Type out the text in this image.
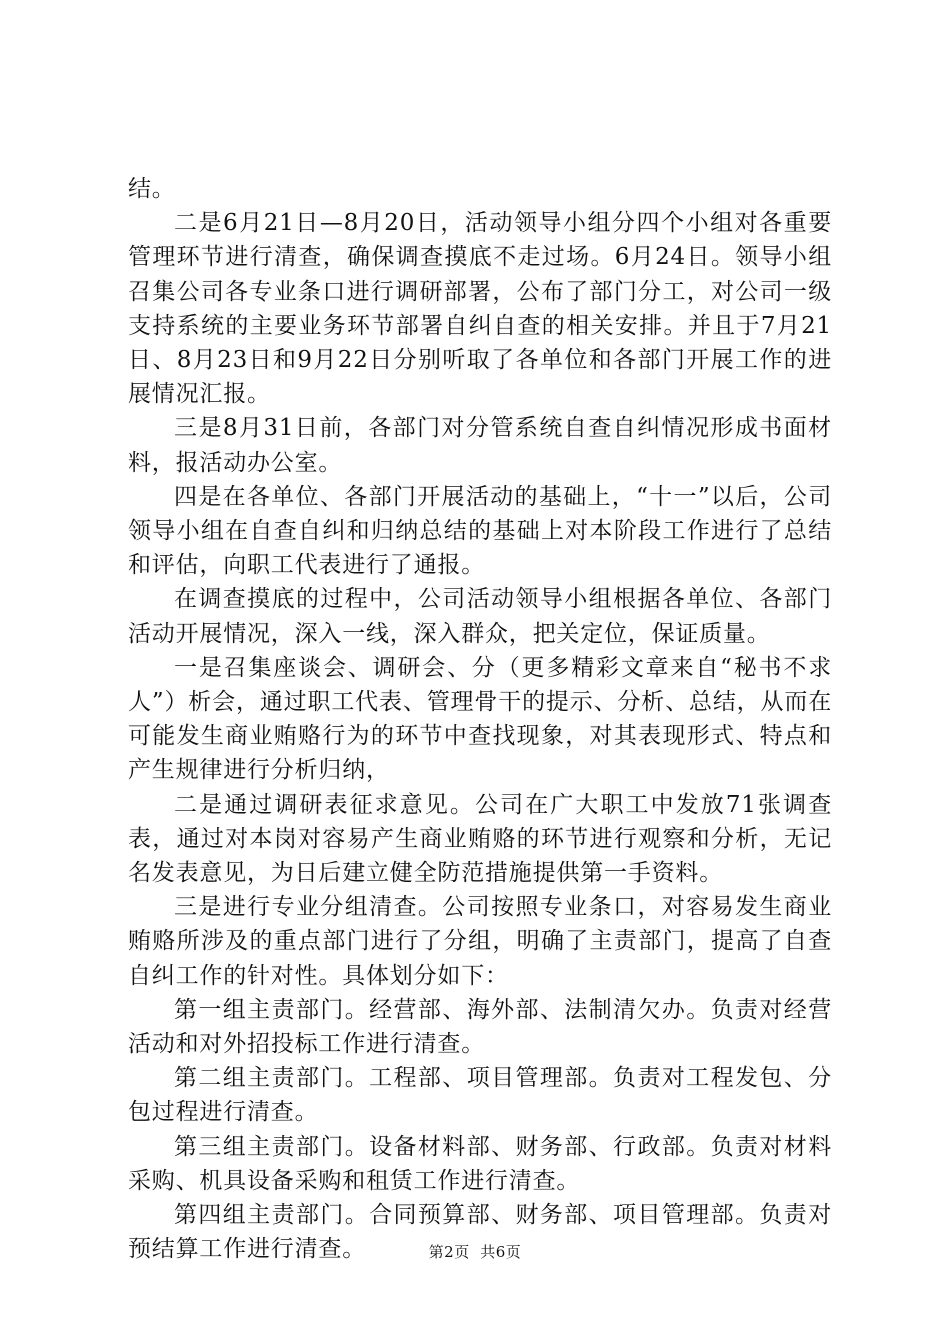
结。

二是6月21日—8月20日，活动领导小组分四个小组对各重要管理环节进行清查，确保调查摸底不走过场。6月24日。领导小组召集公司各专业条口进行调研部署，公布了部门分工，对公司一级支持系统的主要业务环节部署自纠自查的相关安排。并且于7月21日、8月23日和9月22日分别听取了各单位和各部门开展工作的进展情况汇报。

三是8月31日前，各部门对分管系统自查自纠情况形成书面材料，报活动办公室。

四是在各单位、各部门开展活动的基础上，“十一”以后，公司领导小组在自查自纠和归纳总结的基础上对本阶段工作进行了总结和评估，向职工代表进行了通报。

在调查摸底的过程中，公司活动领导小组根据各单位、各部门活动开展情况，深入一线，深入群众，把关定位，保证质量。

一是召集座谈会、调研会、分（更多精彩文章来自“秘书不求人”）析会，通过职工代表、管理骨干的提示、分析、总结，从而在可能发生商业贿赂行为的环节中查找现象，对其表现形式、特点和产生规律进行分析归纳，

二是通过调研表征求意见。公司在广大职工中发放71张调查表，通过对本岗对容易产生商业贿赂的环节进行观察和分析，无记名发表意见，为日后建立健全防范措施提供第一手资料。

三是进行专业分组清查。公司按照专业条口，对容易发生商业贿赂所涉及的重点部门进行了分组，明确了主责部门，提高了自查自纠工作的针对性。具体划分如下：

第一组主责部门。经营部、海外部、法制清欠办。负责对经营活动和对外招投标工作进行清查。

第二组主责部门。工程部、项目管理部。负责对工程发包、分包过程进行清查。

第三组主责部门。设备材料部、财务部、行政部。负责对材料采购、机具设备采购和租赁工作进行清查。

第四组主责部门。合同预算部、财务部、项目管理部。负责对预结算工作进行清查。	第2页 共6页
